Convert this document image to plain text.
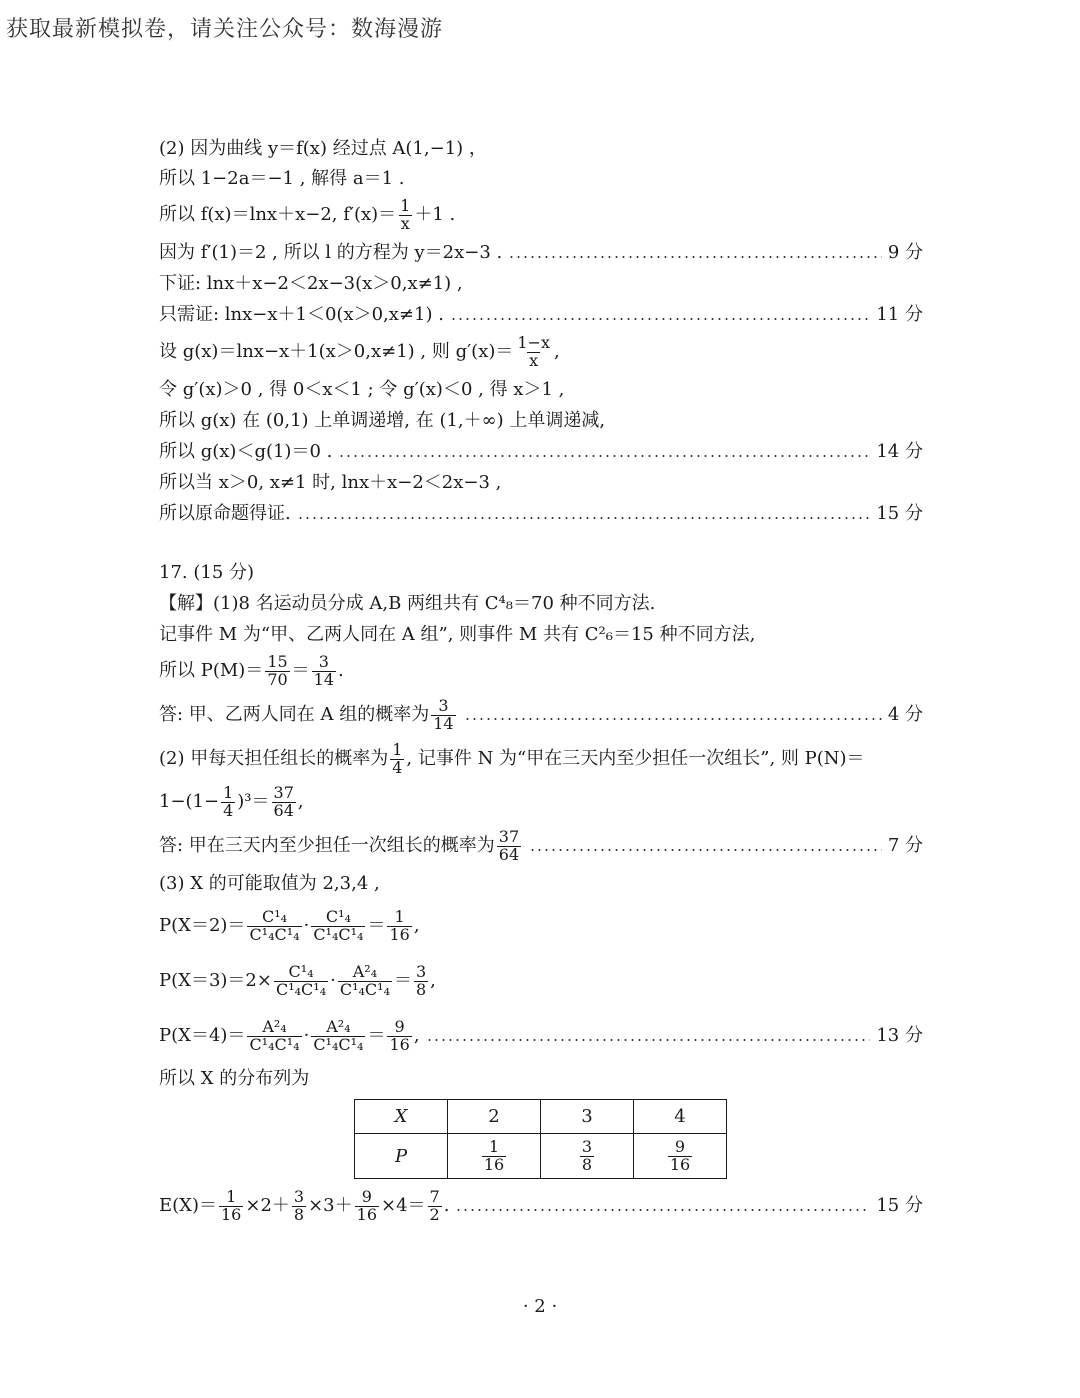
获取最新模拟卷，请关注公众号：数海漫游
(2) 因为曲线 y＝f(x) 经过点 A(1,−1) ，
所以 1−2a＝−1 , 解得 a＝1 .
所以 f(x)＝lnx＋x−2, $f'(x)= \frac{1}{x} +1$ .
因为 f′(1)＝2 , 所以 l 的方程为 y＝2x−3 .	9 分
下证: lnx＋x−2＜2x−3(x＞0,x≠1) ,
只需证: lnx−x＋1＜0(x＞0,x≠1) .	11 分
设 g(x)＝lnx−x＋1(x＞0,x≠1) , 则 $g'(x)= \frac{1-x}{x}$ ,
令 g′(x)＞0 , 得 0＜x＜1 ; 令 g′(x)＜0 , 得 x＞1 ,
所以 g(x) 在 (0,1) 上单调递增, 在 (1,＋∞) 上单调递减,
所以 g(x)＜g(1)＝0 .	14 分
所以当 x＞0, x≠1 时, lnx＋x−2＜2x−3 ,
所以原命题得证.	15 分
17. (15 分)
【解】(1)8 名运动员分成 A,B 两组共有 C⁴₈＝70 种不同方法.
记事件 M 为“甲、乙两人同在 A 组”, 则事件 M 共有 C²₆＝15 种不同方法,
所以 $P(M)= \frac{15}{70} = \frac{3}{14}$ .
答: 甲、乙两人同在 A 组的概率为 $\frac{3}{14}$	4 分
(2) 甲每天担任组长的概率为 $\frac{1}{4}$ , 记事件 N 为“甲在三天内至少担任一次组长”, 则 P(N)＝
$1-(1- \frac{1}{4} )^3= \frac{37}{64}$ ,
答: 甲在三天内至少担任一次组长的概率为 $\frac{37}{64}$	7 分
(3) X 的可能取值为 2,3,4 ,
$P(X=2)= \frac{\text{C¹₄}}{\text{C¹₄C¹₄}} \cdot \frac{\text{C¹₄}}{\text{C¹₄C¹₄}} = \frac{1}{16}$ ,
$P(X=3)=2\times \frac{\text{C¹₄}}{\text{C¹₄C¹₄}} \cdot \frac{\text{A²₄}}{\text{C¹₄C¹₄}} = \frac{3}{8}$ ,
$P(X=4)= \frac{\text{A²₄}}{\text{C¹₄C¹₄}} \cdot \frac{\text{A²₄}}{\text{C¹₄C¹₄}} = \frac{9}{16}$ ,	13 分
所以 X 的分布列为
X	2	3	4
P	$\frac{1}{16}$	$\frac{3}{8}$	$\frac{9}{16}$
$E(X)= \frac{1}{16} \times 2+ \frac{3}{8} \times 3+ \frac{9}{16} \times 4= \frac{7}{2}$ .	15 分
· 2 ·
